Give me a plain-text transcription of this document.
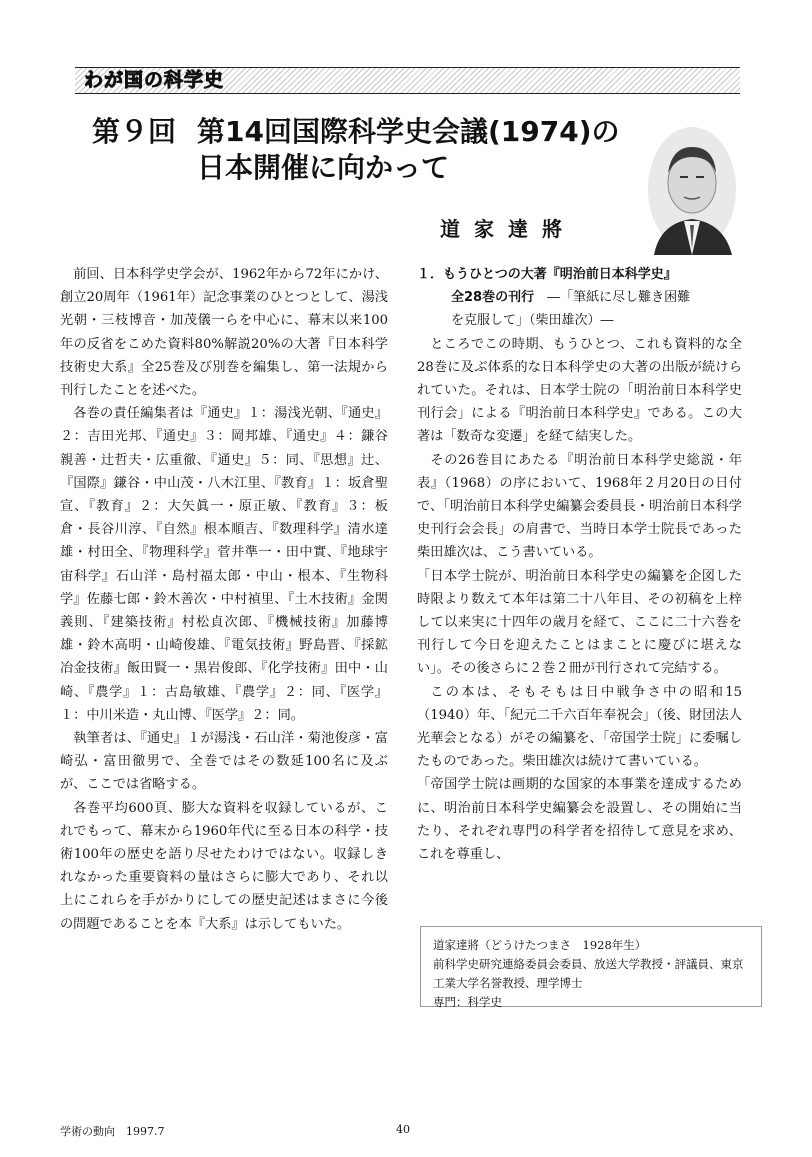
わが国の科学史
第９回 第14回国際科学史会議(1974)の
日本開催に向かって
道家達將

前回、日本科学史学会が、1962年から72年にかけ、創立20周年（1961年）記念事業のひとつとして、湯浅光朝・三枝博音・加茂儀一らを中心に、幕末以来100年の反省をこめた資料80%解説20%の大著『日本科学技術史大系』全25巻及び別巻を編集し、第一法規から刊行したことを述べた。

各巻の責任編集者は『通史』１：湯浅光朝、『通史』２：吉田光邦、『通史』３：岡邦雄、『通史』４：鎌谷親善・辻哲夫・広重徹、『通史』５：同、『思想』辻、『国際』鎌谷・中山茂・八木江里、『教育』１：坂倉聖宣、『教育』２：大矢眞一・原正敏、『教育』３：板倉・長谷川淳、『自然』根本順吉、『数理科学』清水達雄・村田全、『物理科学』菅井準一・田中實、『地球宇宙科学』石山洋・島村福太郎・中山・根本、『生物科学』佐藤七郎・鈴木善次・中村禎里、『土木技術』金関義則、『建築技術』村松貞次郎、『機械技術』加藤博雄・鈴木高明・山崎俊雄、『電気技術』野島晋、『採鉱冶金技術』飯田賢一・黒岩俊郎、『化学技術』田中・山崎、『農学』１：古島敏雄、『農学』２：同、『医学』１：中川米造・丸山博、『医学』２：同。

執筆者は、『通史』１が湯浅・石山洋・菊池俊彦・富崎弘・富田徹男で、全巻ではその数延100名に及ぶが、ここでは省略する。

各巻平均600頁、膨大な資料を収録しているが、これでもって、幕末から1960年代に至る日本の科学・技術100年の歴史を語り尽せたわけではない。収録しきれなかった重要資料の量はさらに膨大であり、それ以上にこれらを手がかりにしての歴史記述はまさに今後の問題であることを本『大系』は示してもいた。

１．もうひとつの大著『明治前日本科学史』
全28巻の刊行　 ―「筆紙に尽し難き困難
を克服して」（柴田雄次）―

ところでこの時期、もうひとつ、これも資料的な全28巻に及ぶ体系的な日本科学史の大著の出版が続けられていた。それは、日本学士院の「明治前日本科学史刊行会」による『明治前日本科学史』である。この大著は「数奇な変遷」を経て結実した。

その26巻目にあたる『明治前日本科学史総説・年表』（1968）の序において、1968年２月20日の日付で、「明治前日本科学史編纂会委員長・明治前日本科学史刊行会会長」の肩書で、当時日本学士院長であった柴田雄次は、こう書いている。

「日本学士院が、明治前日本科学史の編纂を企図した時限より数えて本年は第二十八年目、その初稿を上梓して以来実に十四年の歳月を経て、ここに二十六巻を刊行して今日を迎えたことはまことに慶びに堪えない」。その後さらに２巻２冊が刊行されて完結する。

この本は、そもそもは日中戦争さ中の昭和15（1940）年、「紀元二千六百年奉祝会」（後、財団法人光華会となる）がその編纂を、「帝国学士院」に委嘱したものであった。柴田雄次は続けて書いている。

「帝国学士院は画期的な国家的本事業を達成するために、明治前日本科学史編纂会を設置し、その開始に当たり、それぞれ専門の科学者を招待して意見を求め、これを尊重し、

道家達將（どうけたつまさ　1928年生）
前科学史研究連絡委員会委員、放送大学教授・評議員、東京工業大学名誉教授、理学博士
専門：科学史
学術の動向　1997.7	40
